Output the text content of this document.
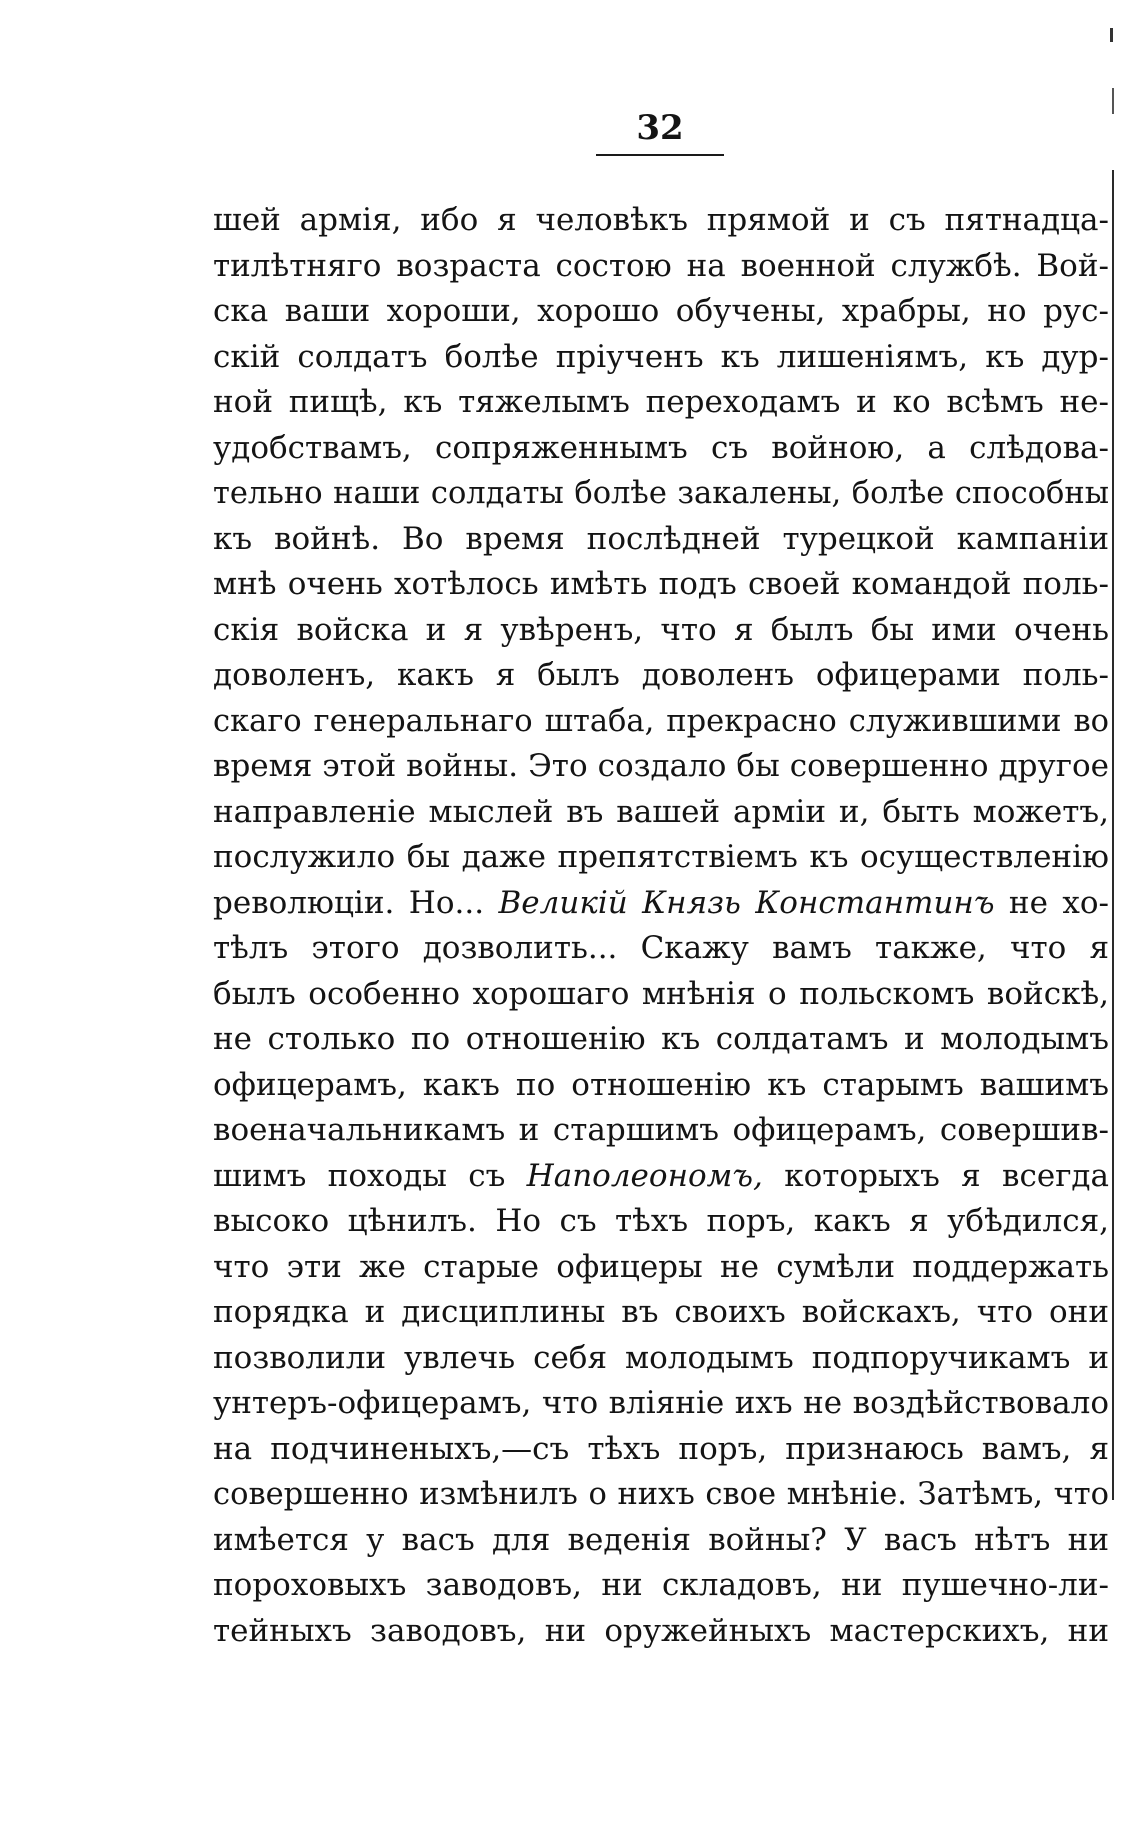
32
шей армія, ибо я человѣкъ прямой и съ пятнадца-
тилѣтняго возраста состою на военной службѣ. Вой-
ска ваши хороши, хорошо обучены, храбры, но рус-
скій солдатъ болѣе пріученъ къ лишеніямъ, къ дур-
ной пищѣ, къ тяжелымъ переходамъ и ко всѣмъ не-
удобствамъ, сопряженнымъ съ войною, а слѣдова-
тельно наши солдаты болѣе закалены, болѣе способны
къ войнѣ. Во время послѣдней турецкой кампаніи
мнѣ очень хотѣлось имѣть подъ своей командой поль-
скія войска и я увѣренъ, что я былъ бы ими очень
доволенъ, какъ я былъ доволенъ офицерами поль-
скаго генеральнаго штаба, прекрасно служившими во
время этой войны. Это создало бы совершенно другое
направленіе мыслей въ вашей арміи и, быть можетъ,
послужило бы даже препятствіемъ къ осуществленію
революціи. Но... Великій Князь Константинъ не хо-
тѣлъ этого дозволить... Скажу вамъ также, что я
былъ особенно хорошаго мнѣнія о польскомъ войскѣ,
не столько по отношенію къ солдатамъ и молодымъ
офицерамъ, какъ по отношенію къ старымъ вашимъ
военачальникамъ и старшимъ офицерамъ, совершив-
шимъ походы съ Наполеономъ, которыхъ я всегда
высоко цѣнилъ. Но съ тѣхъ поръ, какъ я убѣдился,
что эти же старые офицеры не сумѣли поддержать
порядка и дисциплины въ своихъ войскахъ, что они
позволили увлечь себя молодымъ подпоручикамъ и
унтеръ-офицерамъ, что вліяніе ихъ не воздѣйствовало
на подчиненыхъ,—съ тѣхъ поръ, признаюсь вамъ, я
совершенно измѣнилъ о нихъ свое мнѣніе. Затѣмъ, что
имѣется у васъ для веденія войны? У васъ нѣтъ ни
пороховыхъ заводовъ, ни складовъ, ни пушечно-ли-
тейныхъ заводовъ, ни оружейныхъ мастерскихъ, ни
